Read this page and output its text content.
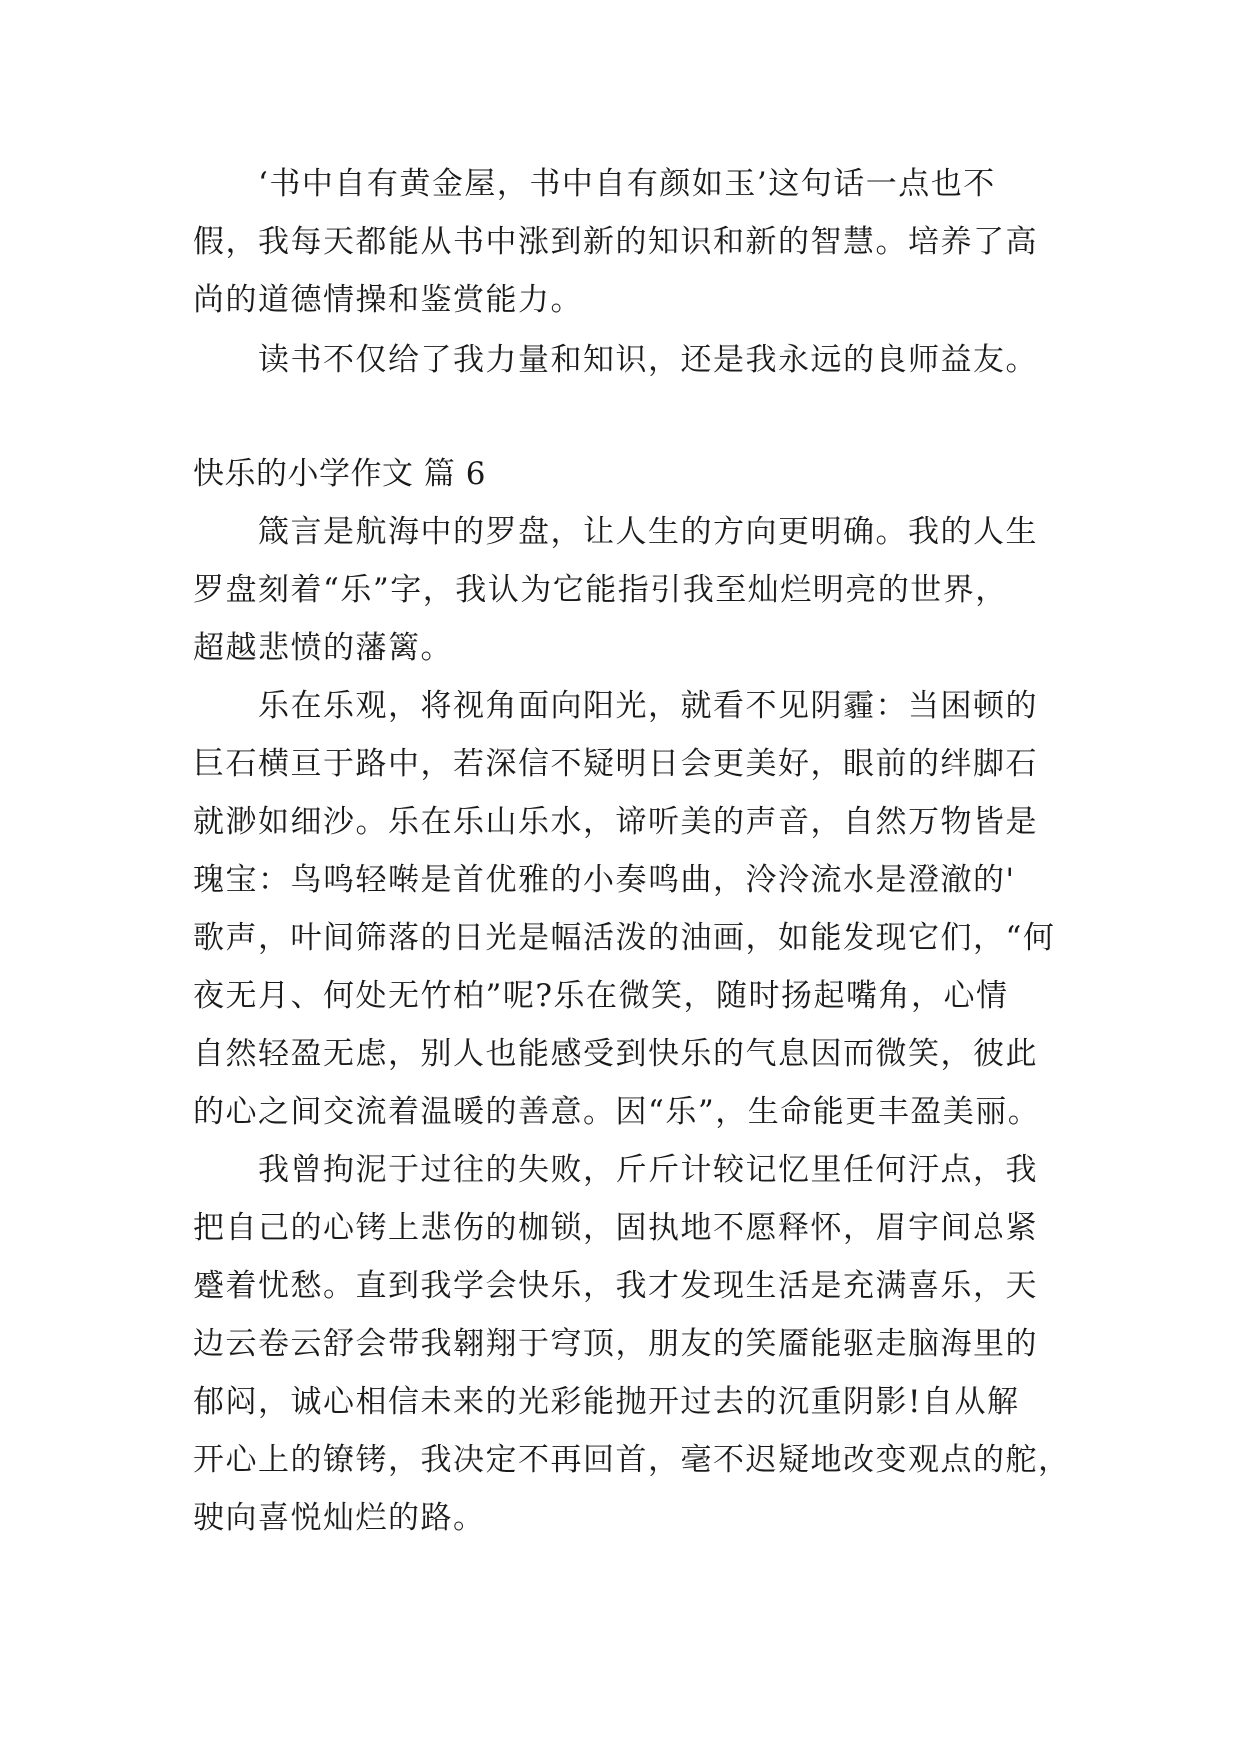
‘书中自有黄金屋，书中自有颜如玉’这句话一点也不
假，我每天都能从书中涨到新的知识和新的智慧。培养了高
尚的道德情操和鉴赏能力。
读书不仅给了我力量和知识，还是我永远的良师益友。
快乐的小学作文 篇 6
箴言是航海中的罗盘，让人生的方向更明确。我的人生
罗盘刻着“乐”字，我认为它能指引我至灿烂明亮的世界，
超越悲愤的藩篱。
乐在乐观，将视角面向阳光，就看不见阴霾：当困顿的
巨石横亘于路中，若深信不疑明日会更美好，眼前的绊脚石
就渺如细沙。乐在乐山乐水，谛听美的声音，自然万物皆是
瑰宝：鸟鸣轻啭是首优雅的小奏鸣曲，泠泠流水是澄澈的'
歌声，叶间筛落的日光是幅活泼的油画，如能发现它们，“何
夜无月、何处无竹柏”呢?乐在微笑，随时扬起嘴角，心情
自然轻盈无虑，别人也能感受到快乐的气息因而微笑，彼此
的心之间交流着温暖的善意。因“乐”，生命能更丰盈美丽。
我曾拘泥于过往的失败，斤斤计较记忆里任何汙点，我
把自己的心铐上悲伤的枷锁，固执地不愿释怀，眉宇间总紧
蹙着忧愁。直到我学会快乐，我才发现生活是充满喜乐，天
边云卷云舒会带我翱翔于穹顶，朋友的笑靥能驱走脑海里的
郁闷，诚心相信未来的光彩能抛开过去的沉重阴影!自从解
开心上的镣铐，我决定不再回首，毫不迟疑地改变观点的舵，
驶向喜悦灿烂的路。
